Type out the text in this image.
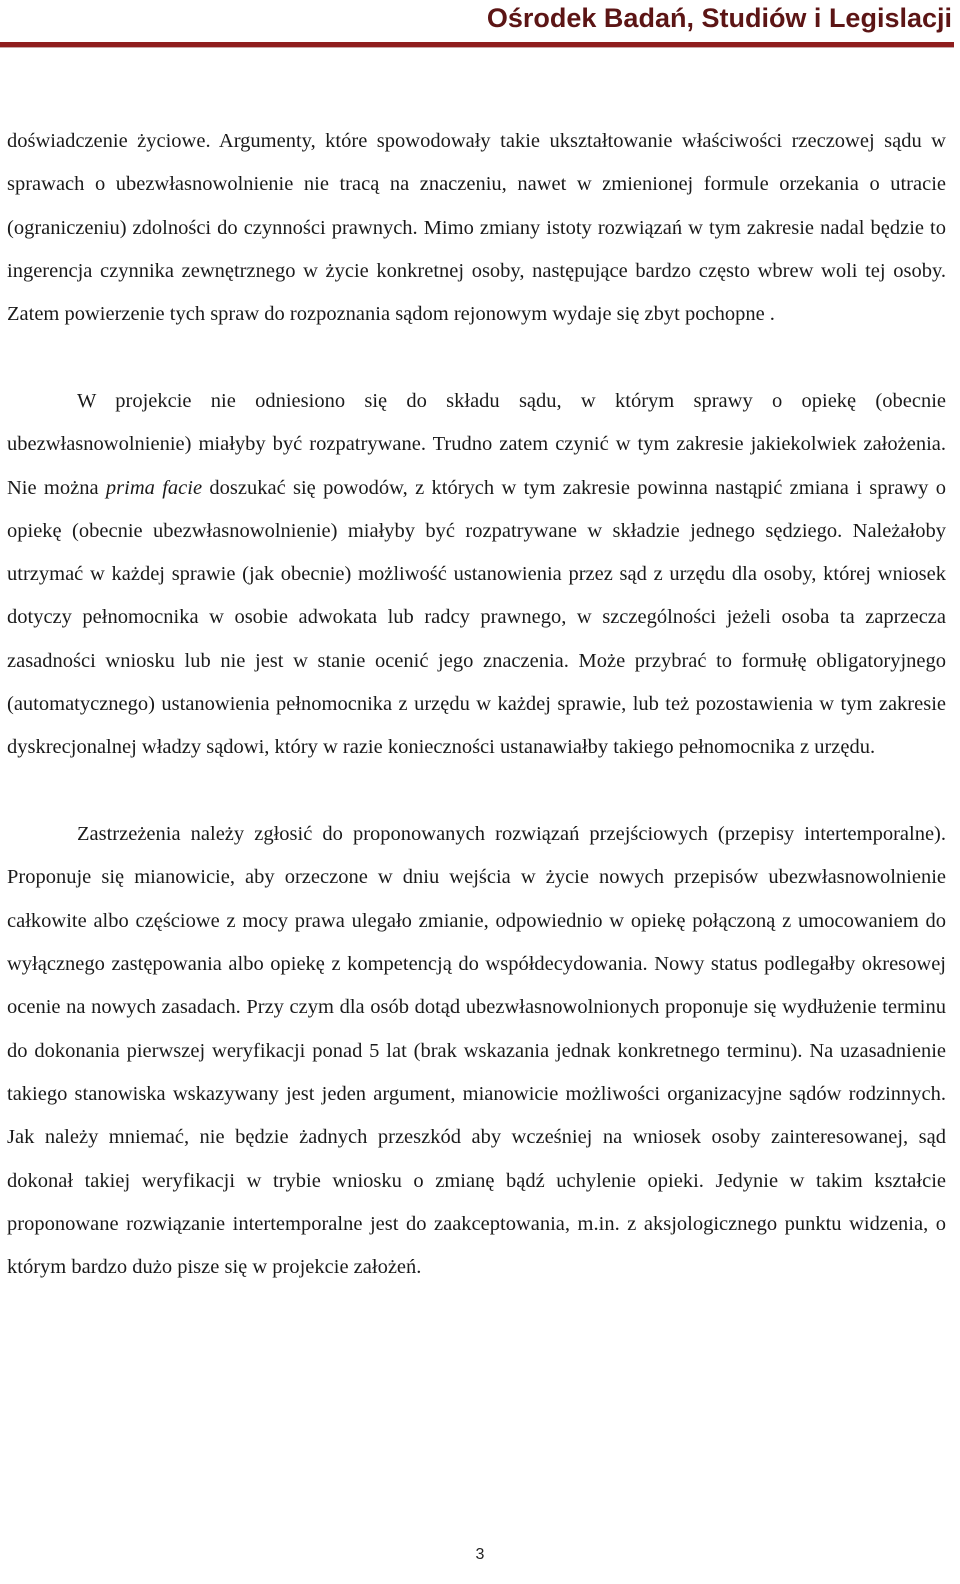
Ośrodek Badań, Studiów i Legislacji

doświadczenie życiowe. Argumenty, które spowodowały takie ukształtowanie właściwości rzeczowej sądu w sprawach o ubezwłasnowolnienie nie tracą na znaczeniu, nawet w zmienionej formule orzekania o utracie (ograniczeniu) zdolności do czynności prawnych. Mimo zmiany istoty rozwiązań w tym zakresie nadal będzie to ingerencja czynnika zewnętrznego w życie konkretnej osoby, następujące bardzo często wbrew woli tej osoby. Zatem powierzenie tych spraw do rozpoznania sądom rejonowym wydaje się zbyt pochopne .

W projekcie nie odniesiono się do składu sądu, w którym sprawy o opiekę (obecnie ubezwłasnowolnienie) miałyby być rozpatrywane. Trudno zatem czynić w tym zakresie jakiekolwiek założenia. Nie można prima facie doszukać się powodów, z których w tym zakresie powinna nastąpić zmiana i sprawy o opiekę (obecnie ubezwłasnowolnienie) miałyby być rozpatrywane w składzie jednego sędziego. Należałoby utrzymać w każdej sprawie (jak obecnie) możliwość ustanowienia przez sąd z urzędu dla osoby, której wniosek dotyczy pełnomocnika w osobie adwokata lub radcy prawnego, w szczególności jeżeli osoba ta zaprzecza zasadności wniosku lub nie jest w stanie ocenić jego znaczenia. Może przybrać to formułę obligatoryjnego (automatycznego) ustanowienia pełnomocnika z urzędu w każdej sprawie, lub też pozostawienia w tym zakresie dyskrecjonalnej władzy sądowi, który w razie konieczności ustanawiałby takiego pełnomocnika z urzędu.

Zastrzeżenia należy zgłosić do proponowanych rozwiązań przejściowych (przepisy intertemporalne). Proponuje się mianowicie, aby orzeczone w dniu wejścia w życie nowych przepisów ubezwłasnowolnienie całkowite albo częściowe z mocy prawa ulegało zmianie, odpowiednio w opiekę połączoną z umocowaniem do wyłącznego zastępowania albo opiekę z kompetencją do współdecydowania. Nowy status podlegałby okresowej ocenie na nowych zasadach. Przy czym dla osób dotąd ubezwłasnowolnionych proponuje się wydłużenie terminu do dokonania pierwszej weryfikacji ponad 5 lat (brak wskazania jednak konkretnego terminu). Na uzasadnienie takiego stanowiska wskazywany jest jeden argument, mianowicie możliwości organizacyjne sądów rodzinnych. Jak należy mniemać, nie będzie żadnych przeszkód aby wcześniej na wniosek osoby zainteresowanej, sąd dokonał takiej weryfikacji w trybie wniosku o zmianę bądź uchylenie opieki. Jedynie w takim kształcie proponowane rozwiązanie intertemporalne jest do zaakceptowania, m.in. z aksjologicznego punktu widzenia, o którym bardzo dużo pisze się w projekcie założeń.

3
